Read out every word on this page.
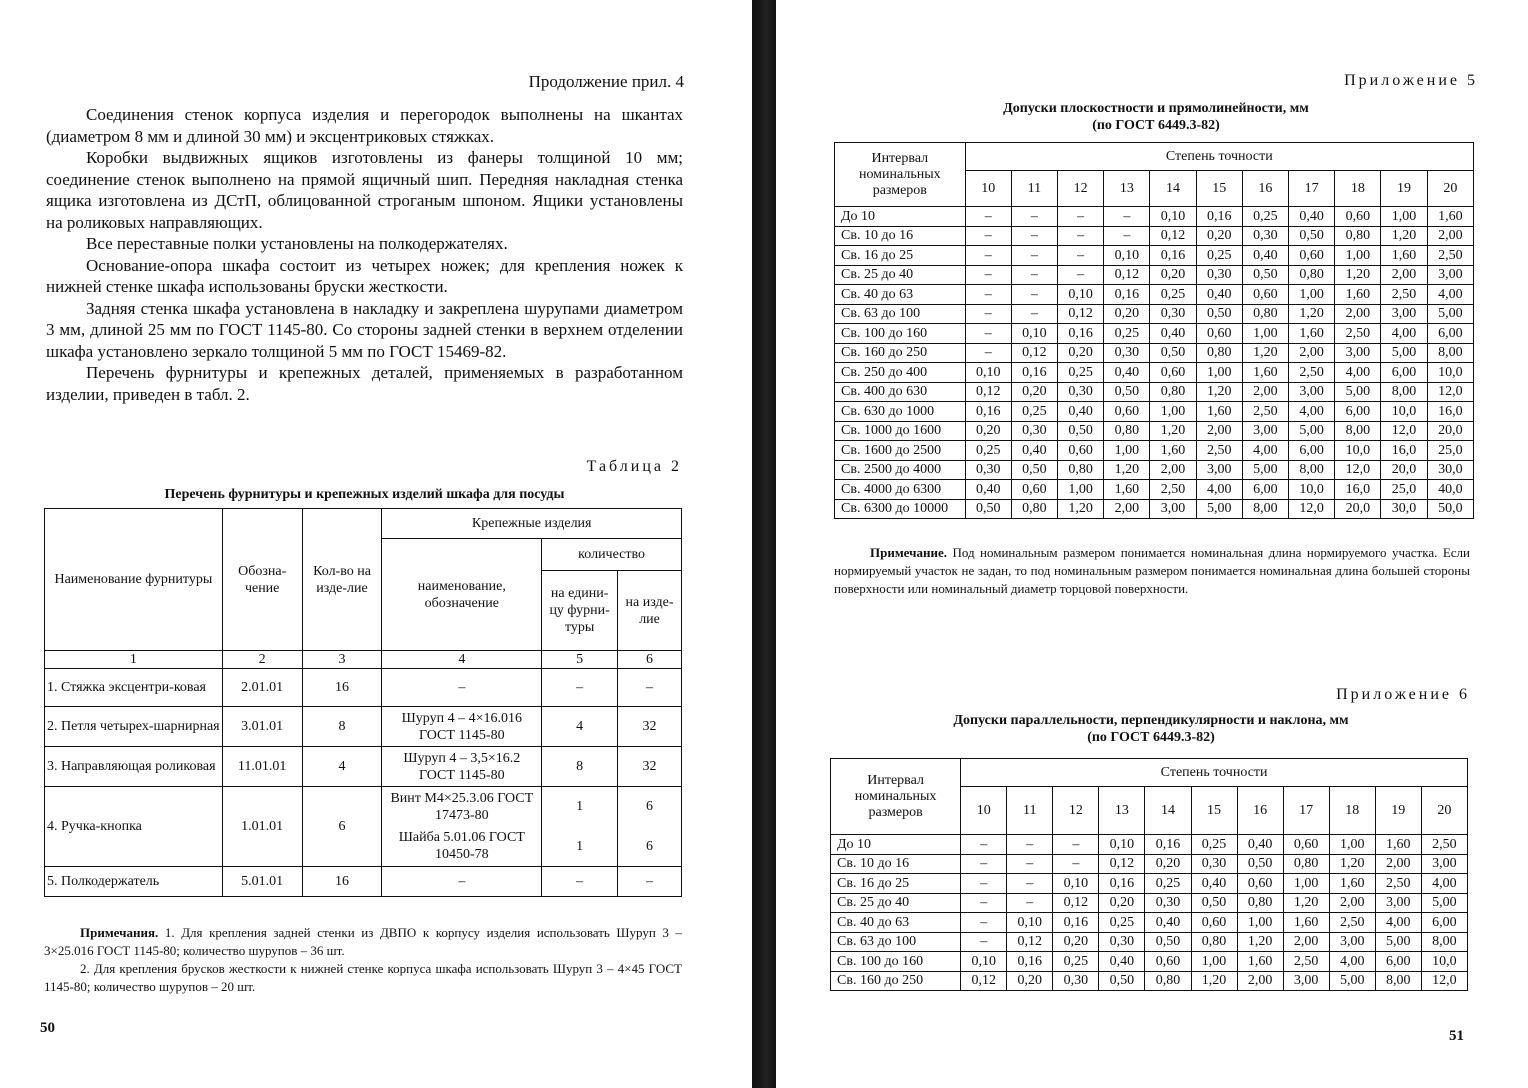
Продолжение прил. 4

Соединения стенок корпуса изделия и перегородок выполнены на шкантах (диаметром 8 мм и длиной 30 мм) и эксцентриковых стяжках.

Коробки выдвижных ящиков изготовлены из фанеры толщиной 10 мм; соединение стенок выполнено на прямой ящичный шип. Передняя накладная стенка ящика изготовлена из ДСтП, облицованной строганым шпоном. Ящики установлены на роликовых направляющих.

Все переставные полки установлены на полкодержателях.

Основание-опора шкафа состоит из четырех ножек; для крепления ножек к нижней стенке шкафа использованы бруски жесткости.

Задняя стенка шкафа установлена в накладку и закреплена шурупами диаметром 3 мм, длиной 25 мм по ГОСТ 1145-80. Со стороны задней стенки в верхнем отделении шкафа установлено зеркало толщиной 5 мм по ГОСТ 15469-82.

Перечень фурнитуры и крепежных деталей, применяемых в разработанном изделии, приведен в табл. 2.

Таблица 2
Перечень фурнитуры и крепежных изделий шкафа для посуды
Наименование фурнитуры	Обозна-чение	Кол-во на изде-лие	Крепежные изделия		
			наименование, обозначение	количество	
				на едини-цу фурни-туры	на изде-лие
1	2	3	4	5	6
1. Стяжка эксцентри-ковая	2.01.01	16	–	–	–
2. Петля четырех-шарнирная	3.01.01	8	Шуруп 4 – 4×16.016 ГОСТ 1145-80	4	32
3. Направляющая роликовая	11.01.01	4	Шуруп 4 – 3,5×16.2 ГОСТ 1145-80	8	32
4. Ручка-кнопка	1.01.01	6	Винт М4×25.3.06 ГОСТ 17473-80	1	6
			Шайба 5.01.06 ГОСТ 10450-78	1	6
5. Полкодержатель	5.01.01	16	–	–	–

Примечания. 1. Для крепления задней стенки из ДВПО к корпусу изделия использовать Шуруп 3 – 3×25.016 ГОСТ 1145-80; количество шурупов – 36 шт.

2. Для крепления брусков жесткости к нижней стенке корпуса шкафа использовать Шуруп 3 – 4×45 ГОСТ 1145-80; количество шурупов – 20 шт.

50
Приложение 5
Допуски плоскостности и прямолинейности, мм
(по ГОСТ 6449.3-82)
Интервал номинальных размеров	Степень точности										
	10	11	12	13	14	15	16	17	18	19	20
До 10	–	–	–	–	0,10	0,16	0,25	0,40	0,60	1,00	1,60
Св. 10 до 16	–	–	–	–	0,12	0,20	0,30	0,50	0,80	1,20	2,00
Св. 16 до 25	–	–	–	0,10	0,16	0,25	0,40	0,60	1,00	1,60	2,50
Св. 25 до 40	–	–	–	0,12	0,20	0,30	0,50	0,80	1,20	2,00	3,00
Св. 40 до 63	–	–	0,10	0,16	0,25	0,40	0,60	1,00	1,60	2,50	4,00
Св. 63 до 100	–	–	0,12	0,20	0,30	0,50	0,80	1,20	2,00	3,00	5,00
Св. 100 до 160	–	0,10	0,16	0,25	0,40	0,60	1,00	1,60	2,50	4,00	6,00
Св. 160 до 250	–	0,12	0,20	0,30	0,50	0,80	1,20	2,00	3,00	5,00	8,00
Св. 250 до 400	0,10	0,16	0,25	0,40	0,60	1,00	1,60	2,50	4,00	6,00	10,0
Св. 400 до 630	0,12	0,20	0,30	0,50	0,80	1,20	2,00	3,00	5,00	8,00	12,0
Св. 630 до 1000	0,16	0,25	0,40	0,60	1,00	1,60	2,50	4,00	6,00	10,0	16,0
Св. 1000 до 1600	0,20	0,30	0,50	0,80	1,20	2,00	3,00	5,00	8,00	12,0	20,0
Св. 1600 до 2500	0,25	0,40	0,60	1,00	1,60	2,50	4,00	6,00	10,0	16,0	25,0
Св. 2500 до 4000	0,30	0,50	0,80	1,20	2,00	3,00	5,00	8,00	12,0	20,0	30,0
Св. 4000 до 6300	0,40	0,60	1,00	1,60	2,50	4,00	6,00	10,0	16,0	25,0	40,0
Св. 6300 до 10000	0,50	0,80	1,20	2,00	3,00	5,00	8,00	12,0	20,0	30,0	50,0

Примечание. Под номинальным размером понимается номинальная длина нормируемого участка. Если нормируемый участок не задан, то под номинальным размером понимается номинальная длина большей стороны поверхности или номинальный диаметр торцовой поверхности.

Приложение 6
Допуски параллельности, перпендикулярности и наклона, мм
(по ГОСТ 6449.3-82)
Интервал номинальных размеров	Степень точности										
	10	11	12	13	14	15	16	17	18	19	20
До 10	–	–	–	0,10	0,16	0,25	0,40	0,60	1,00	1,60	2,50
Св. 10 до 16	–	–	–	0,12	0,20	0,30	0,50	0,80	1,20	2,00	3,00
Св. 16 до 25	–	–	0,10	0,16	0,25	0,40	0,60	1,00	1,60	2,50	4,00
Св. 25 до 40	–	–	0,12	0,20	0,30	0,50	0,80	1,20	2,00	3,00	5,00
Св. 40 до 63	–	0,10	0,16	0,25	0,40	0,60	1,00	1,60	2,50	4,00	6,00
Св. 63 до 100	–	0,12	0,20	0,30	0,50	0,80	1,20	2,00	3,00	5,00	8,00
Св. 100 до 160	0,10	0,16	0,25	0,40	0,60	1,00	1,60	2,50	4,00	6,00	10,0
Св. 160 до 250	0,12	0,20	0,30	0,50	0,80	1,20	2,00	3,00	5,00	8,00	12,0
51
